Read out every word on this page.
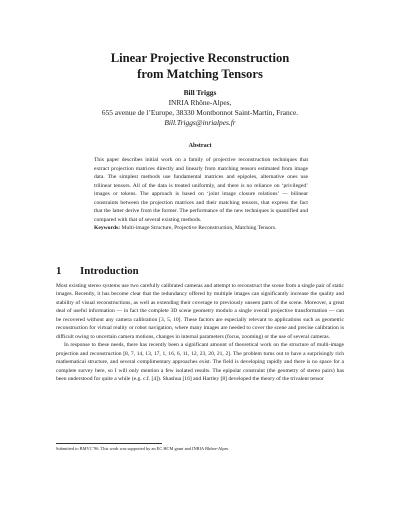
Linear Projective Reconstruction
from Matching Tensors
Bill Triggs
INRIA Rhône-Alpes,
655 avenue de l’Europe, 38330 Montbonnot Saint-Martin, France.
Bill.Triggs@inrialpes.fr
Abstract

This paper describes initial work on a family of projective reconstruction techniques that extract projection matrices directly and linearly from matching tensors estimated from image data. The simplest methods use fundamental matrices and epipoles, alternative ones use trilinear tensors. All of the data is treated uniformly, and there is no reliance on ‘privileged’ images or tokens. The approach is based on ‘joint image closure relations’ — bilinear constraints between the projection matrices and their matching tensors, that express the fact that the latter derive from the former. The performance of the new techniques is quantified and compared with that of several existing methods.

Keywords: Multi-image Structure, Projective Reconstruction, Matching Tensors.

1 Introduction

Most existing stereo systems use two carefully calibrated cameras and attempt to reconstruct the scene from a single pair of static images. Recently, it has become clear that the redundancy offered by multiple images can significantly increase the quality and stability of visual reconstructions, as well as extending their coverage to previously unseen parts of the scene. Moreover, a great deal of useful information — in fact the complete 3D scene geometry modulo a single overall projective transformation — can be recovered without any camera calibration [3, 5, 10]. These factors are especially relevant to applications such as geometric reconstruction for virtual reality or robot navigation, where many images are needed to cover the scene and precise calibration is difficult owing to uncertain camera motions, changes in internal parameters (focus, zooming) or the use of several cameras.

In response to these needs, there has recently been a significant amount of theoretical work on the structure of multi-image projection and reconstruction [8, 7, 14, 13, 17, 1, 16, 6, 11, 12, 23, 20, 21, 2]. The problem turns out to have a surprisingly rich mathematical structure, and several complimentary approaches exist. The field is developing rapidly and there is no space for a complete survey here, so I will only mention a few isolated results. The epipolar constraint (the geometry of stereo pairs) has been understood for quite a while (e.g. c.f. [4]). Shashua [16] and Hartley [8] developed the theory of the trivalent tensor

Submitted to BMVC’96. This work was supported by an EC HCM grant and INRIA Rhône-Alpes.
